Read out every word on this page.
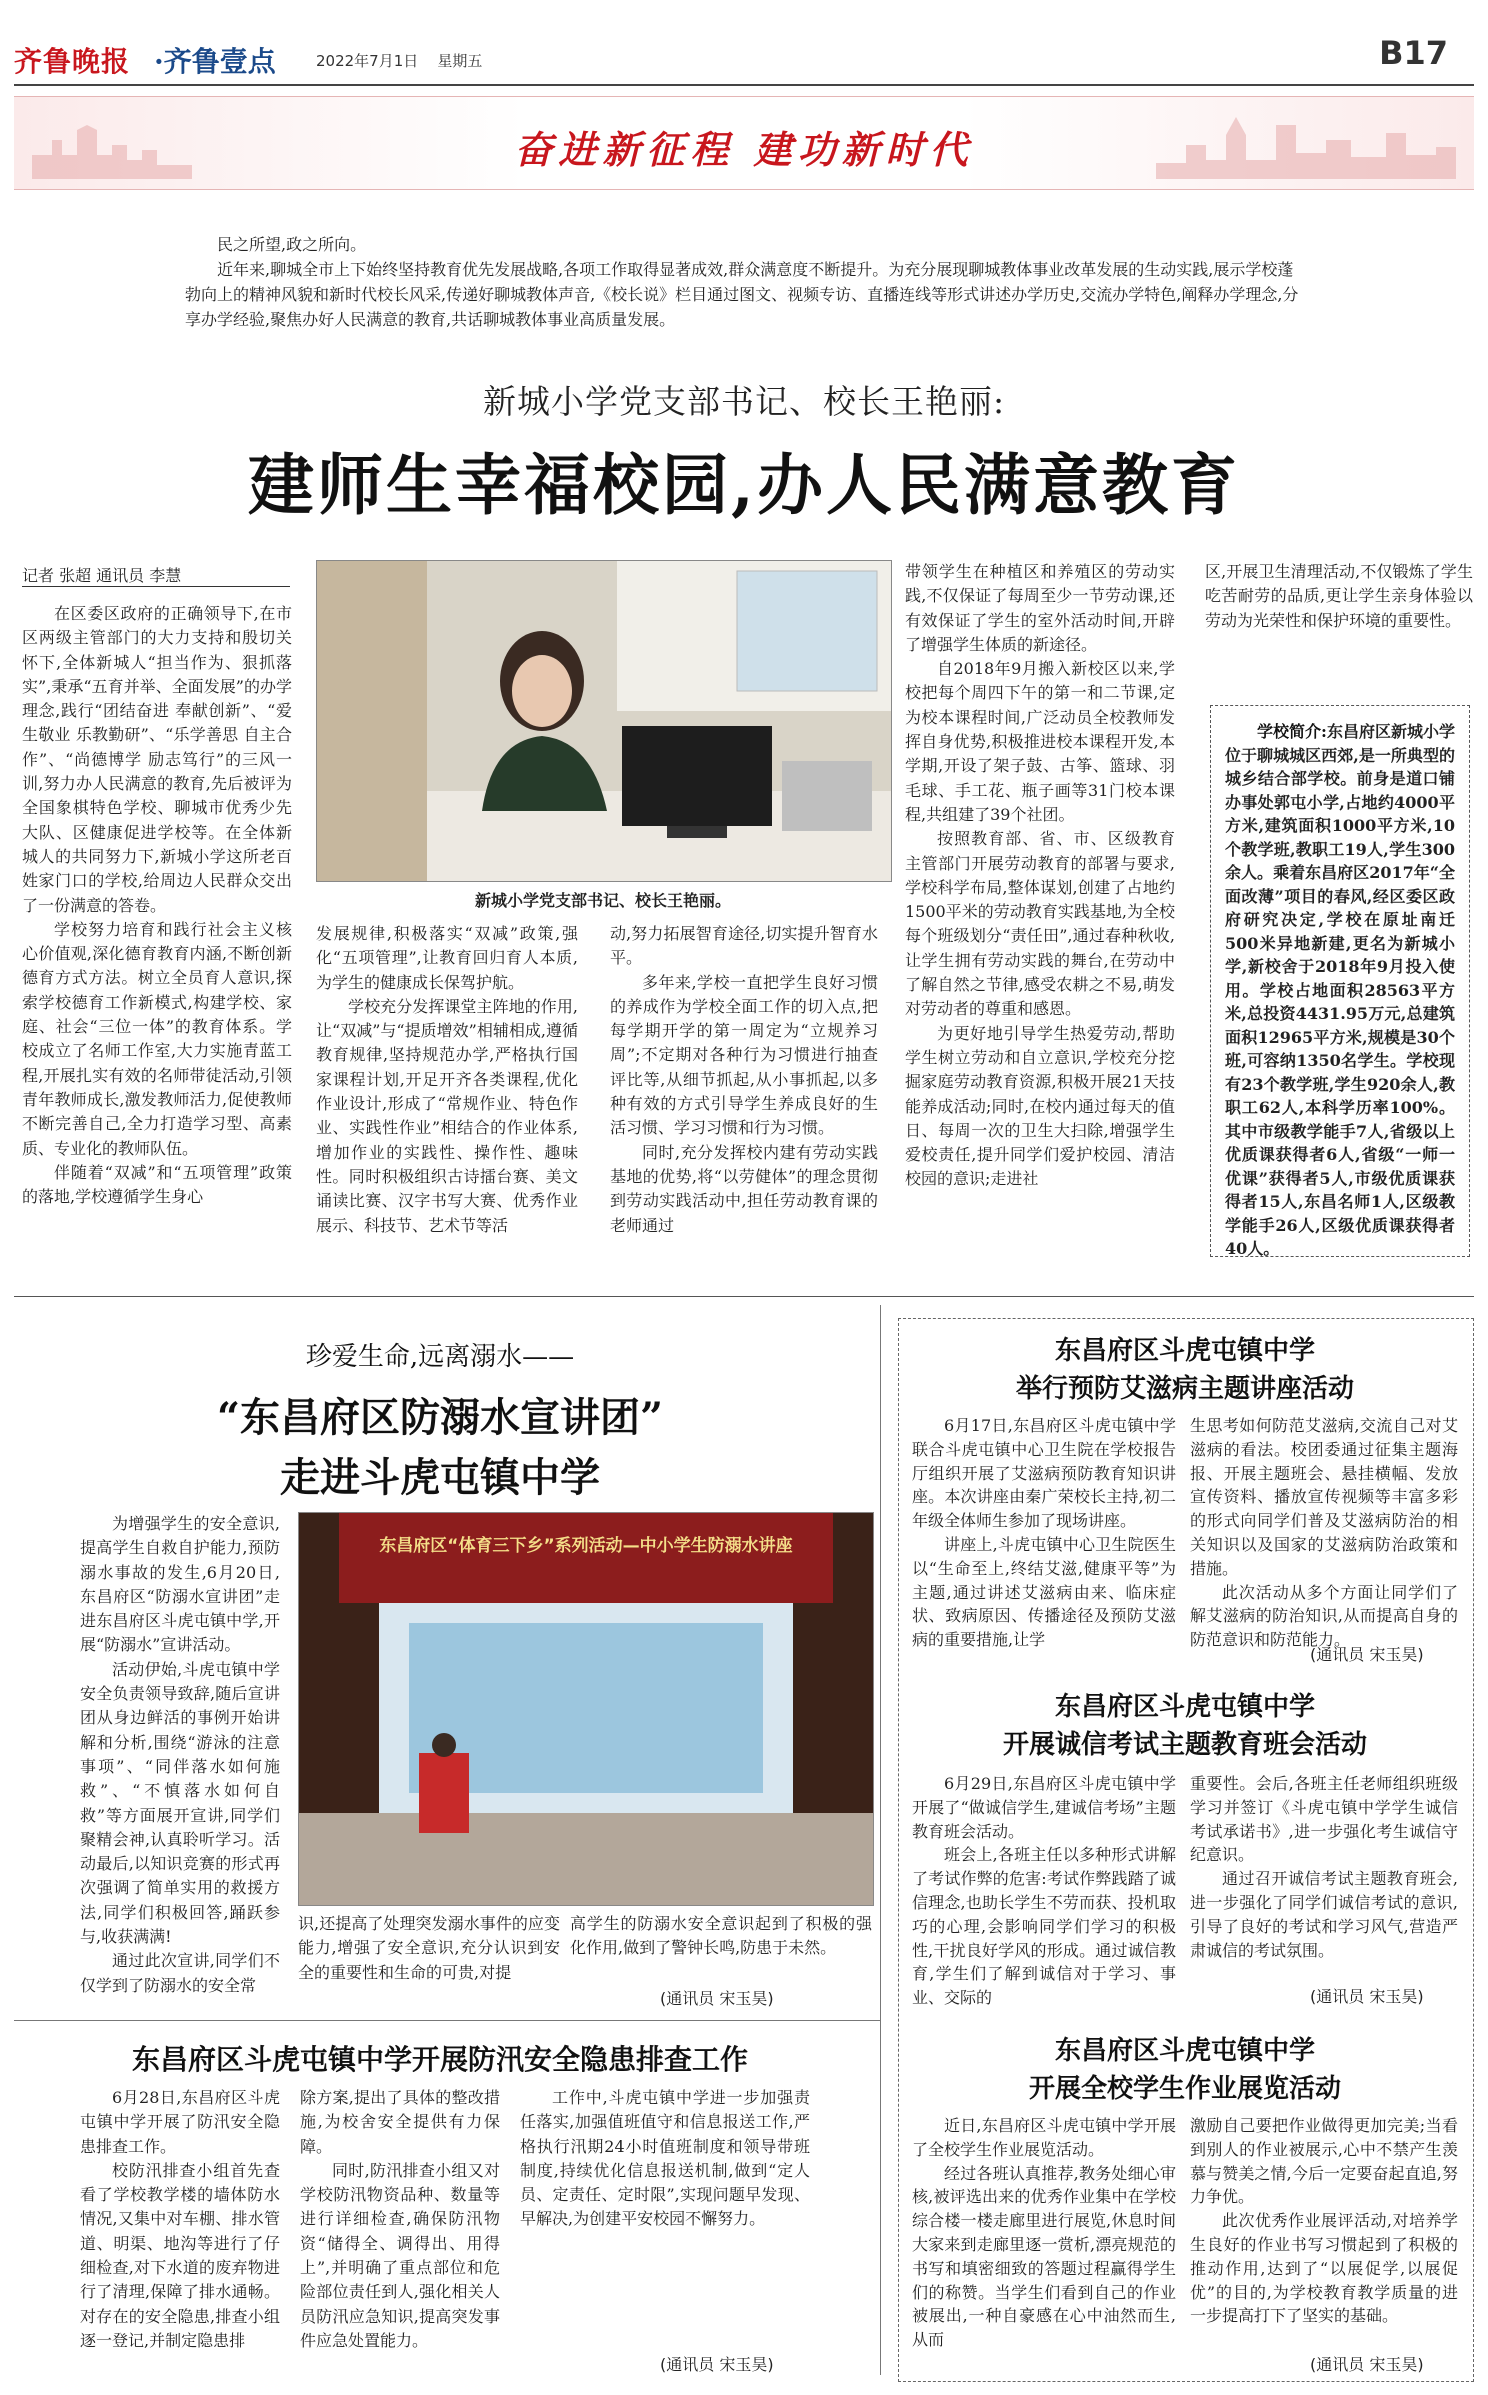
齐鲁晚报 ·齐鲁壹点	2022年7月1日 星期五	B17
奋进新征程 建功新时代

民之所望,政之所向。

近年来,聊城全市上下始终坚持教育优先发展战略,各项工作取得显著成效,群众满意度不断提升。为充分展现聊城教体事业改革发展的生动实践,展示学校蓬勃向上的精神风貌和新时代校长风采,传递好聊城教体声音,《校长说》栏目通过图文、视频专访、直播连线等形式讲述办学历史,交流办学特色,阐释办学理念,分享办学经验,聚焦办好人民满意的教育,共话聊城教体事业高质量发展。

新城小学党支部书记、校长王艳丽:
建师生幸福校园,办人民满意教育
记者 张超 通讯员 李慧

在区委区政府的正确领导下,在市区两级主管部门的大力支持和殷切关怀下,全体新城人“担当作为、狠抓落实”,秉承“五育并举、全面发展”的办学理念,践行“团结奋进 奉献创新”、“爱生敬业 乐教勤研”、“乐学善思 自主合作”、“尚德博学 励志笃行”的三风一训,努力办人民满意的教育,先后被评为全国象棋特色学校、聊城市优秀少先大队、区健康促进学校等。在全体新城人的共同努力下,新城小学这所老百姓家门口的学校,给周边人民群众交出了一份满意的答卷。

学校努力培育和践行社会主义核心价值观,深化德育教育内涵,不断创新德育方式方法。树立全员育人意识,探索学校德育工作新模式,构建学校、家庭、社会“三位一体”的教育体系。学校成立了名师工作室,大力实施青蓝工程,开展扎实有效的名师带徒活动,引领青年教师成长,激发教师活力,促使教师不断完善自己,全力打造学习型、高素质、专业化的教师队伍。

伴随着“双减”和“五项管理”政策的落地,学校遵循学生身心

新城小学党支部书记、校长王艳丽。

发展规律,积极落实“双减”政策,强化“五项管理”,让教育回归育人本质,为学生的健康成长保驾护航。

学校充分发挥课堂主阵地的作用,让“双减”与“提质增效”相辅相成,遵循教育规律,坚持规范办学,严格执行国家课程计划,开足开齐各类课程,优化作业设计,形成了“常规作业、特色作业、实践性作业”相结合的作业体系,增加作业的实践性、操作性、趣味性。同时积极组织古诗擂台赛、美文诵读比赛、汉字书写大赛、优秀作业展示、科技节、艺术节等活

动,努力拓展智育途径,切实提升智育水平。

多年来,学校一直把学生良好习惯的养成作为学校全面工作的切入点,把每学期开学的第一周定为“立规养习周”;不定期对各种行为习惯进行抽查评比等,从细节抓起,从小事抓起,以多种有效的方式引导学生养成良好的生活习惯、学习习惯和行为习惯。

同时,充分发挥校内建有劳动实践基地的优势,将“以劳健体”的理念贯彻到劳动实践活动中,担任劳动教育课的老师通过

带领学生在种植区和养殖区的劳动实践,不仅保证了每周至少一节劳动课,还有效保证了学生的室外活动时间,开辟了增强学生体质的新途径。

自2018年9月搬入新校区以来,学校把每个周四下午的第一和二节课,定为校本课程时间,广泛动员全校教师发挥自身优势,积极推进校本课程开发,本学期,开设了架子鼓、古筝、篮球、羽毛球、手工花、瓶子画等31门校本课程,共组建了39个社团。

按照教育部、省、市、区级教育主管部门开展劳动教育的部署与要求,学校科学布局,整体谋划,创建了占地约1500平米的劳动教育实践基地,为全校每个班级划分“责任田”,通过春种秋收,让学生拥有劳动实践的舞台,在劳动中了解自然之节律,感受农耕之不易,萌发对劳动者的尊重和感恩。

为更好地引导学生热爱劳动,帮助学生树立劳动和自立意识,学校充分挖掘家庭劳动教育资源,积极开展21天技能养成活动;同时,在校内通过每天的值日、每周一次的卫生大扫除,增强学生爱校责任,提升同学们爱护校园、清洁校园的意识;走进社

区,开展卫生清理活动,不仅锻炼了学生吃苦耐劳的品质,更让学生亲身体验以劳动为光荣性和保护环境的重要性。

学校简介:东昌府区新城小学位于聊城城区西郊,是一所典型的城乡结合部学校。前身是道口铺办事处郭屯小学,占地约4000平方米,建筑面积1000平方米,10个教学班,教职工19人,学生300余人。乘着东昌府区2017年“全面改薄”项目的春风,经区委区政府研究决定,学校在原址南迁500米异地新建,更名为新城小学,新校舍于2018年9月投入使用。学校占地面积28563平方米,总投资4431.95万元,总建筑面积12965平方米,规模是30个班,可容纳1350名学生。学校现有23个教学班,学生920余人,教职工62人,本科学历率100%。其中市级教学能手7人,省级以上优质课获得者6人,省级“一师一优课”获得者5人,市级优质课获得者15人,东昌名师1人,区级教学能手26人,区级优质课获得者40人。

珍爱生命,远离溺水——
“东昌府区防溺水宣讲团”
走进斗虎屯镇中学

为增强学生的安全意识,提高学生自救自护能力,预防溺水事故的发生,6月20日,东昌府区“防溺水宣讲团”走进东昌府区斗虎屯镇中学,开展“防溺水”宣讲活动。

活动伊始,斗虎屯镇中学安全负责领导致辞,随后宣讲团从身边鲜活的事例开始讲解和分析,围绕“游泳的注意事项”、“同伴落水如何施救”、“不慎落水如何自救”等方面展开宣讲,同学们聚精会神,认真聆听学习。活动最后,以知识竞赛的形式再次强调了简单实用的救援方法,同学们积极回答,踊跃参与,收获满满!

通过此次宣讲,同学们不仅学到了防溺水的安全常

东昌府区“体育三下乡”系列活动—中小学生防溺水讲座

识,还提高了处理突发溺水事件的应变能力,增强了安全意识,充分认识到安全的重要性和生命的可贵,对提

高学生的防溺水安全意识起到了积极的强化作用,做到了警钟长鸣,防患于未然。

(通讯员 宋玉昊)
东昌府区斗虎屯镇中学开展防汛安全隐患排查工作

6月28日,东昌府区斗虎屯镇中学开展了防汛安全隐患排查工作。

校防汛排查小组首先查看了学校教学楼的墙体防水情况,又集中对车棚、排水管道、明渠、地沟等进行了仔细检查,对下水道的废弃物进行了清理,保障了排水通畅。对存在的安全隐患,排查小组逐一登记,并制定隐患排

除方案,提出了具体的整改措施,为校舍安全提供有力保障。

同时,防汛排查小组又对学校防汛物资品种、数量等进行详细检查,确保防汛物资“储得全、调得出、用得上”,并明确了重点部位和危险部位责任到人,强化相关人员防汛应急知识,提高突发事件应急处置能力。

工作中,斗虎屯镇中学进一步加强责任落实,加强值班值守和信息报送工作,严格执行汛期24小时值班制度和领导带班制度,持续优化信息报送机制,做到“定人员、定责任、定时限”,实现问题早发现、早解决,为创建平安校园不懈努力。

(通讯员 宋玉昊)
东昌府区斗虎屯镇中学
举行预防艾滋病主题讲座活动

6月17日,东昌府区斗虎屯镇中学联合斗虎屯镇中心卫生院在学校报告厅组织开展了艾滋病预防教育知识讲座。本次讲座由秦广荣校长主持,初二年级全体师生参加了现场讲座。

讲座上,斗虎屯镇中心卫生院医生以“生命至上,终结艾滋,健康平等”为主题,通过讲述艾滋病由来、临床症状、致病原因、传播途径及预防艾滋病的重要措施,让学

生思考如何防范艾滋病,交流自己对艾滋病的看法。校团委通过征集主题海报、开展主题班会、悬挂横幅、发放宣传资料、播放宣传视频等丰富多彩的形式向同学们普及艾滋病防治的相关知识以及国家的艾滋病防治政策和措施。

此次活动从多个方面让同学们了解艾滋病的防治知识,从而提高自身的防范意识和防范能力。

(通讯员 宋玉昊)
东昌府区斗虎屯镇中学
开展诚信考试主题教育班会活动

6月29日,东昌府区斗虎屯镇中学开展了“做诚信学生,建诚信考场”主题教育班会活动。

班会上,各班主任以多种形式讲解了考试作弊的危害:考试作弊践踏了诚信理念,也助长学生不劳而获、投机取巧的心理,会影响同学们学习的积极性,干扰良好学风的形成。通过诚信教育,学生们了解到诚信对于学习、事业、交际的

重要性。会后,各班主任老师组织班级学习并签订《斗虎屯镇中学学生诚信考试承诺书》,进一步强化考生诚信守纪意识。

通过召开诚信考试主题教育班会,进一步强化了同学们诚信考试的意识,引导了良好的考试和学习风气,营造严肃诚信的考试氛围。

(通讯员 宋玉昊)
东昌府区斗虎屯镇中学
开展全校学生作业展览活动

近日,东昌府区斗虎屯镇中学开展了全校学生作业展览活动。

经过各班认真推荐,教务处细心审核,被评选出来的优秀作业集中在学校综合楼一楼走廊里进行展览,休息时间大家来到走廊里逐一赏析,漂亮规范的书写和填密细致的答题过程赢得学生们的称赞。当学生们看到自己的作业被展出,一种自豪感在心中油然而生,从而

激励自己要把作业做得更加完美;当看到别人的作业被展示,心中不禁产生羡慕与赞美之情,今后一定要奋起直追,努力争优。

此次优秀作业展评活动,对培养学生良好的作业书写习惯起到了积极的推动作用,达到了“以展促学,以展促优”的目的,为学校教育教学质量的进一步提高打下了坚实的基础。

(通讯员 宋玉昊)
